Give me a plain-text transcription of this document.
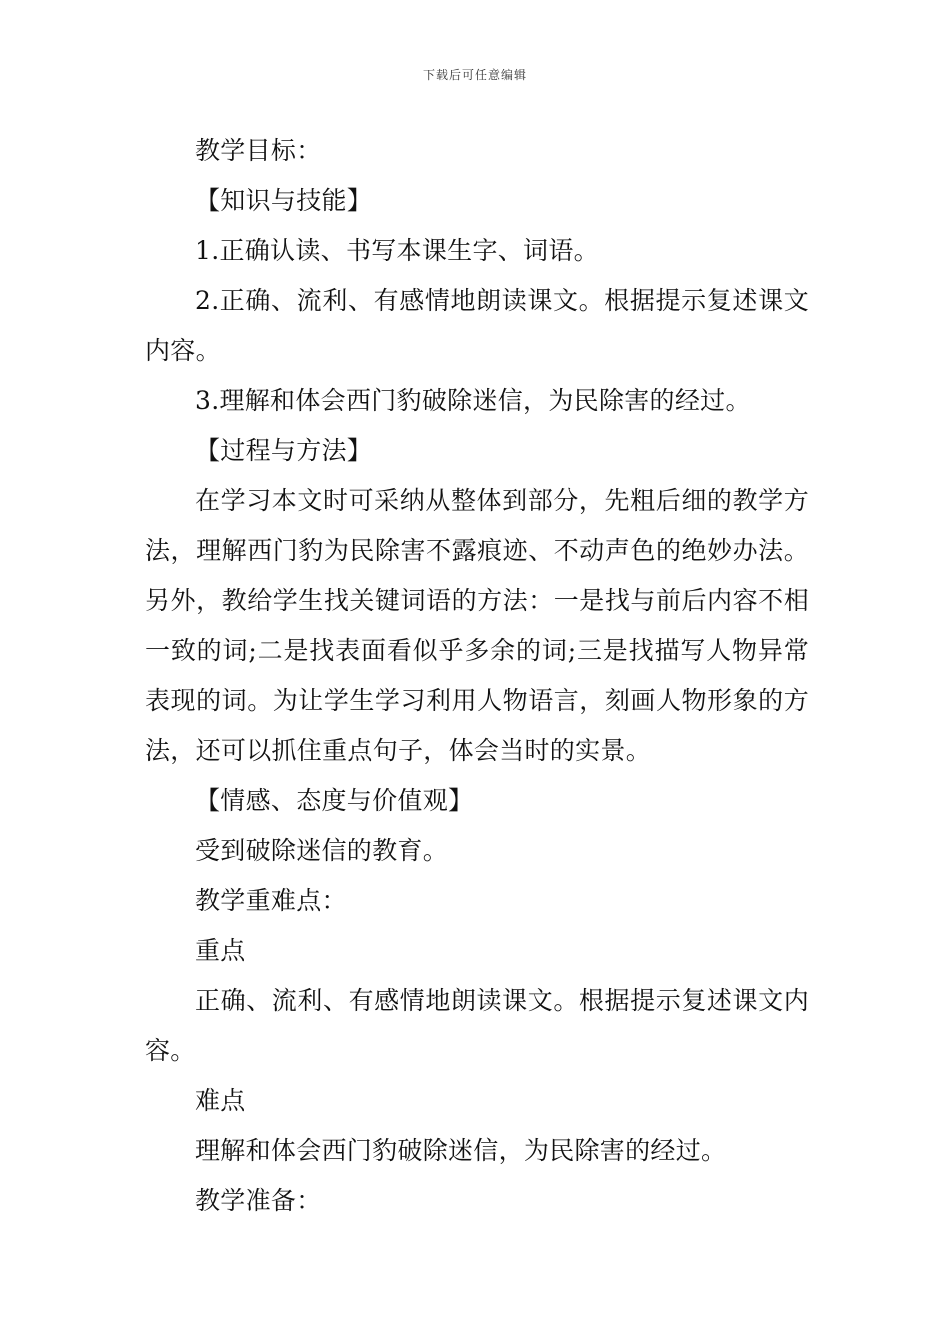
下载后可任意编辑

教学目标：

【知识与技能】

1.正确认读、书写本课生字、词语。

2.正确、流利、有感情地朗读课文。根据提示复述课文内容。

3.理解和体会西门豹破除迷信，为民除害的经过。

【过程与方法】

在学习本文时可采纳从整体到部分，先粗后细的教学方法，理解西门豹为民除害不露痕迹、不动声色的绝妙办法。另外，教给学生找关键词语的方法：一是找与前后内容不相一致的词;二是找表面看似乎多余的词;三是找描写人物异常表现的词。为让学生学习利用人物语言，刻画人物形象的方法，还可以抓住重点句子，体会当时的实景。

【情感、态度与价值观】

受到破除迷信的教育。

教学重难点：

重点

正确、流利、有感情地朗读课文。根据提示复述课文内容。

难点

理解和体会西门豹破除迷信，为民除害的经过。

教学准备：
